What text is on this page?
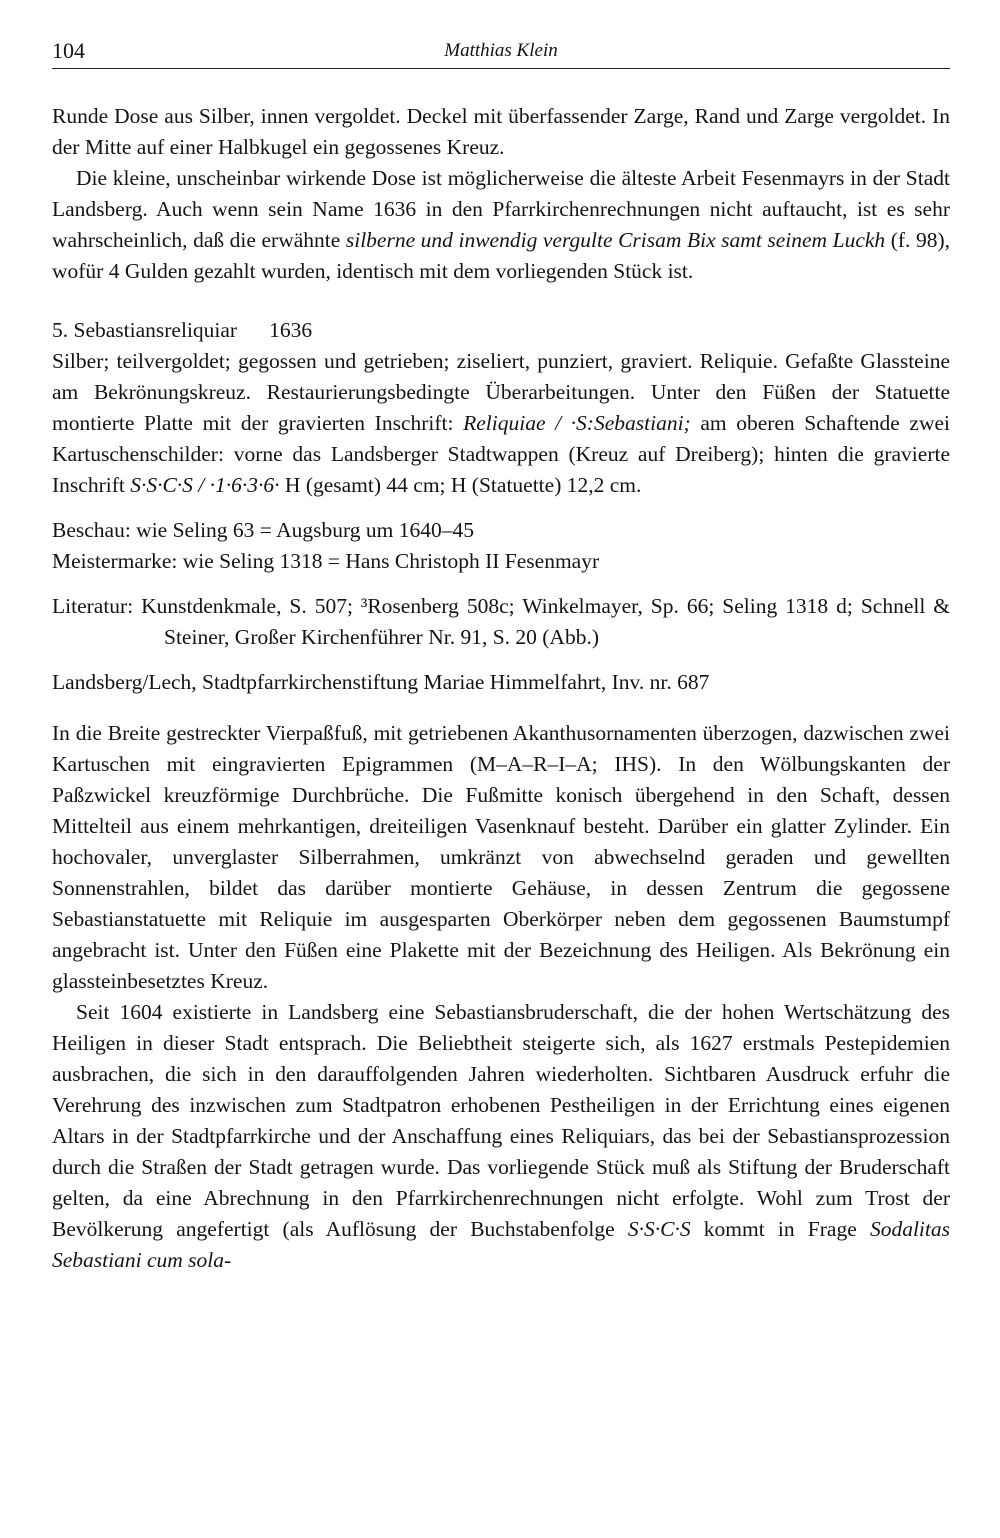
104	Matthias Klein

Runde Dose aus Silber, innen vergoldet. Deckel mit überfassender Zarge, Rand und Zarge vergoldet. In der Mitte auf einer Halbkugel ein gegossenes Kreuz.

Die kleine, unscheinbar wirkende Dose ist möglicherweise die älteste Arbeit Fesenmayrs in der Stadt Landsberg. Auch wenn sein Name 1636 in den Pfarrkirchenrechnungen nicht auftaucht, ist es sehr wahrscheinlich, daß die erwähnte silberne und inwendig vergulte Crisam Bix samt seinem Luckh (f. 98), wofür 4 Gulden gezahlt wurden, identisch mit dem vorliegenden Stück ist.

5. Sebastiansreliquiar 1636

Silber; teilvergoldet; gegossen und getrieben; ziseliert, punziert, graviert. Reliquie. Gefaßte Glassteine am Bekrönungskreuz. Restaurierungsbedingte Überarbeitungen. Unter den Füßen der Statuette montierte Platte mit der gravierten Inschrift: Reliquiae / ·S:Sebastiani; am oberen Schaftende zwei Kartuschenschilder: vorne das Landsberger Stadtwappen (Kreuz auf Dreiberg); hinten die gravierte Inschrift S·S·C·S / ·1·6·3·6· H (gesamt) 44 cm; H (Statuette) 12,2 cm.

Beschau: wie Seling 63 = Augsburg um 1640–45
Meistermarke: wie Seling 1318 = Hans Christoph II Fesenmayr

Literatur: Kunstdenkmale, S. 507; ³Rosenberg 508c; Winkelmayer, Sp. 66; Seling 1318 d; Schnell & Steiner, Großer Kirchenführer Nr. 91, S. 20 (Abb.)

Landsberg/Lech, Stadtpfarrkirchenstiftung Mariae Himmelfahrt, Inv. nr. 687

In die Breite gestreckter Vierpaßfuß, mit getriebenen Akanthusornamenten überzogen, dazwischen zwei Kartuschen mit eingravierten Epigrammen (M–A–R–I–A; IHS). In den Wölbungskanten der Paßzwickel kreuzförmige Durchbrüche. Die Fußmitte konisch übergehend in den Schaft, dessen Mittelteil aus einem mehrkantigen, dreiteiligen Vasenknauf besteht. Darüber ein glatter Zylinder. Ein hochovaler, unverglaster Silberrahmen, umkränzt von abwechselnd geraden und gewellten Sonnenstrahlen, bildet das darüber montierte Gehäuse, in dessen Zentrum die gegossene Sebastianstatuette mit Reliquie im ausgesparten Oberkörper neben dem gegossenen Baumstumpf angebracht ist. Unter den Füßen eine Plakette mit der Bezeichnung des Heiligen. Als Bekrönung ein glassteinbesetztes Kreuz.

Seit 1604 existierte in Landsberg eine Sebastiansbruderschaft, die der hohen Wertschätzung des Heiligen in dieser Stadt entsprach. Die Beliebtheit steigerte sich, als 1627 erstmals Pestepidemien ausbrachen, die sich in den darauffolgenden Jahren wiederholten. Sichtbaren Ausdruck erfuhr die Verehrung des inzwischen zum Stadtpatron erhobenen Pestheiligen in der Errichtung eines eigenen Altars in der Stadtpfarrkirche und der Anschaffung eines Reliquiars, das bei der Sebastiansprozession durch die Straßen der Stadt getragen wurde. Das vorliegende Stück muß als Stiftung der Bruderschaft gelten, da eine Abrechnung in den Pfarrkirchenrechnungen nicht erfolgte. Wohl zum Trost der Bevölkerung angefertigt (als Auflösung der Buchstabenfolge S·S·C·S kommt in Frage Sodalitas Sebastiani cum sola-
